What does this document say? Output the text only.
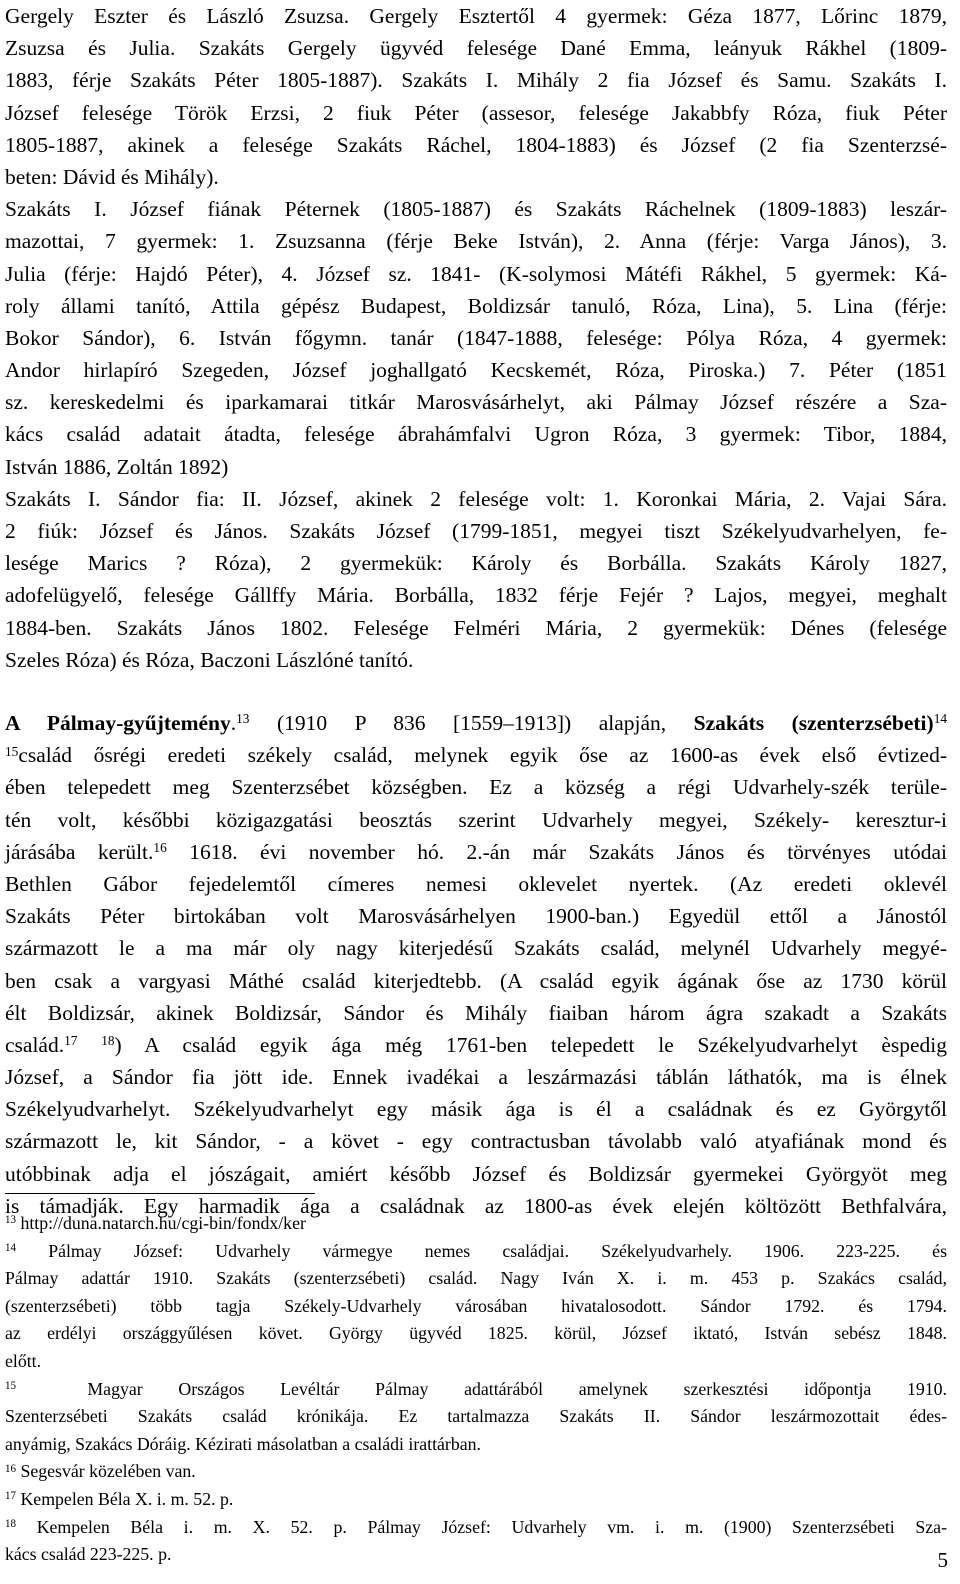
Gergely Eszter és László Zsuzsa. Gergely Esztertől 4 gyermek: Géza 1877, Lőrinc 1879,
Zsuzsa és Julia. Szakáts Gergely ügyvéd felesége Dané Emma, leányuk Rákhel (1809-
1883, férje Szakáts Péter 1805-1887). Szakáts I. Mihály 2 fia József és Samu. Szakáts I.
József felesége Török Erzsi, 2 fiuk Péter (assesor, felesége Jakabbfy Róza, fiuk Péter
1805-1887, akinek a felesége Szakáts Ráchel, 1804-1883) és József (2 fia Szenterzsé-
beten: Dávid és Mihály).
Szakáts I. József fiának Péternek (1805-1887) és Szakáts Ráchelnek (1809-1883) leszár-
mazottai, 7 gyermek: 1. Zsuzsanna (férje Beke István), 2. Anna (férje: Varga János), 3.
Julia (férje: Hajdó Péter), 4. József sz. 1841- (K-solymosi Mátéfi Rákhel, 5 gyermek: Ká-
roly állami tanító, Attila gépész Budapest, Boldizsár tanuló, Róza, Lina), 5. Lina (férje:
Bokor Sándor), 6. István főgymn. tanár (1847-1888, felesége: Pólya Róza, 4 gyermek:
Andor hirlapíró Szegeden, József joghallgató Kecskemét, Róza, Piroska.) 7. Péter (1851
sz. kereskedelmi és iparkamarai titkár Marosvásárhelyt, aki Pálmay József részére a Sza-
kács család adatait átadta, felesége ábrahámfalvi Ugron Róza, 3 gyermek: Tibor, 1884,
István 1886, Zoltán 1892)
Szakáts I. Sándor fia: II. József, akinek 2 felesége volt: 1. Koronkai Mária, 2. Vajai Sára.
2 fiúk: József és János. Szakáts József (1799-1851, megyei tiszt Székelyudvarhelyen, fe-
lesége Marics ? Róza), 2 gyermekük: Károly és Borbálla. Szakáts Károly 1827,
adofelügyelő, felesége Gállffy Mária. Borbálla, 1832 férje Fejér ? Lajos, megyei, meghalt
1884-ben. Szakáts János 1802. Felesége Felméri Mária, 2 gyermekük: Dénes (felesége
Szeles Róza) és Róza, Baczoni Lászlóné tanító.
A Pálmay-gyűjtemény.$^{13}$ (1910 P 836 [1559–1913]) alapján, Szakáts (szenterzsébeti)$^{14}$
$^{15}$család ősrégi eredeti székely család, melynek egyik őse az 1600-as évek első évtized-
ében telepedett meg Szenterzsébet községben. Ez a község a régi Udvarhely-szék terüle-
tén volt, későbbi közigazgatási beosztás szerint Udvarhely megyei, Székely- keresztur-i
járásába került.$^{16}$ 1618. évi november hó. 2.-án már Szakáts János és törvényes utódai
Bethlen Gábor fejedelemtől címeres nemesi oklevelet nyertek. (Az eredeti oklevél
Szakáts Péter birtokában volt Marosvásárhelyen 1900-ban.) Egyedül ettől a Jánostól
származott le a ma már oly nagy kiterjedésű Szakáts család, melynél Udvarhely megyé-
ben csak a vargyasi Máthé család kiterjedtebb. (A család egyik ágának őse az 1730 körül
élt Boldizsár, akinek Boldizsár, Sándor és Mihály fiaiban három ágra szakadt a Szakáts
család.$^{17}$ $^{18}$) A család egyik ága még 1761-ben telepedett le Székelyudvarhelyt èspedig
József, a Sándor fia jött ide. Ennek ivadékai a leszármazási táblán láthatók, ma is élnek
Székelyudvarhelyt. Székelyudvarhelyt egy másik ága is él a családnak és ez Györgytől
származott le, kit Sándor, - a követ - egy contractusban távolabb való atyafiának mond és
utóbbinak adja el jószágait, amiért később József és Boldizsár gyermekei Györgyöt meg
is támadják. Egy harmadik ága a családnak az 1800-as évek elején költözött Bethfalvára,
$^{13}$ http://duna.natarch.hu/cgi-bin/fondx/ker
$^{14}$ Pálmay József: Udvarhely vármegye nemes családjai. Székelyudvarhely. 1906. 223-225. és
Pálmay adattár 1910. Szakáts (szenterzsébeti) család. Nagy Iván X. i. m. 453 p. Szakács család,
(szenterzsébeti) több tagja Székely-Udvarhely városában hivatalosodott. Sándor 1792. és 1794.
az erdélyi országgyűlésen követ. György ügyvéd 1825. körül, József iktató, István sebész 1848.
előtt.
$^{15}$	Magyar Országos Levéltár Pálmay adattárából amelynek szerkesztési időpontja 1910.
Szenterzsébeti Szakáts család krónikája. Ez tartalmazza Szakáts II. Sándor leszármozottait édes-
anyámig, Szakács Dóráig. Kézirati másolatban a családi irattárban.
$^{16}$ Segesvár közelében van.
$^{17}$ Kempelen Béla X. i. m. 52. p.
$^{18}$ Kempelen Béla i. m. X. 52. p. Pálmay József: Udvarhely vm. i. m. (1900) Szenterzsébeti Sza-
kács család 223-225. p.	5
